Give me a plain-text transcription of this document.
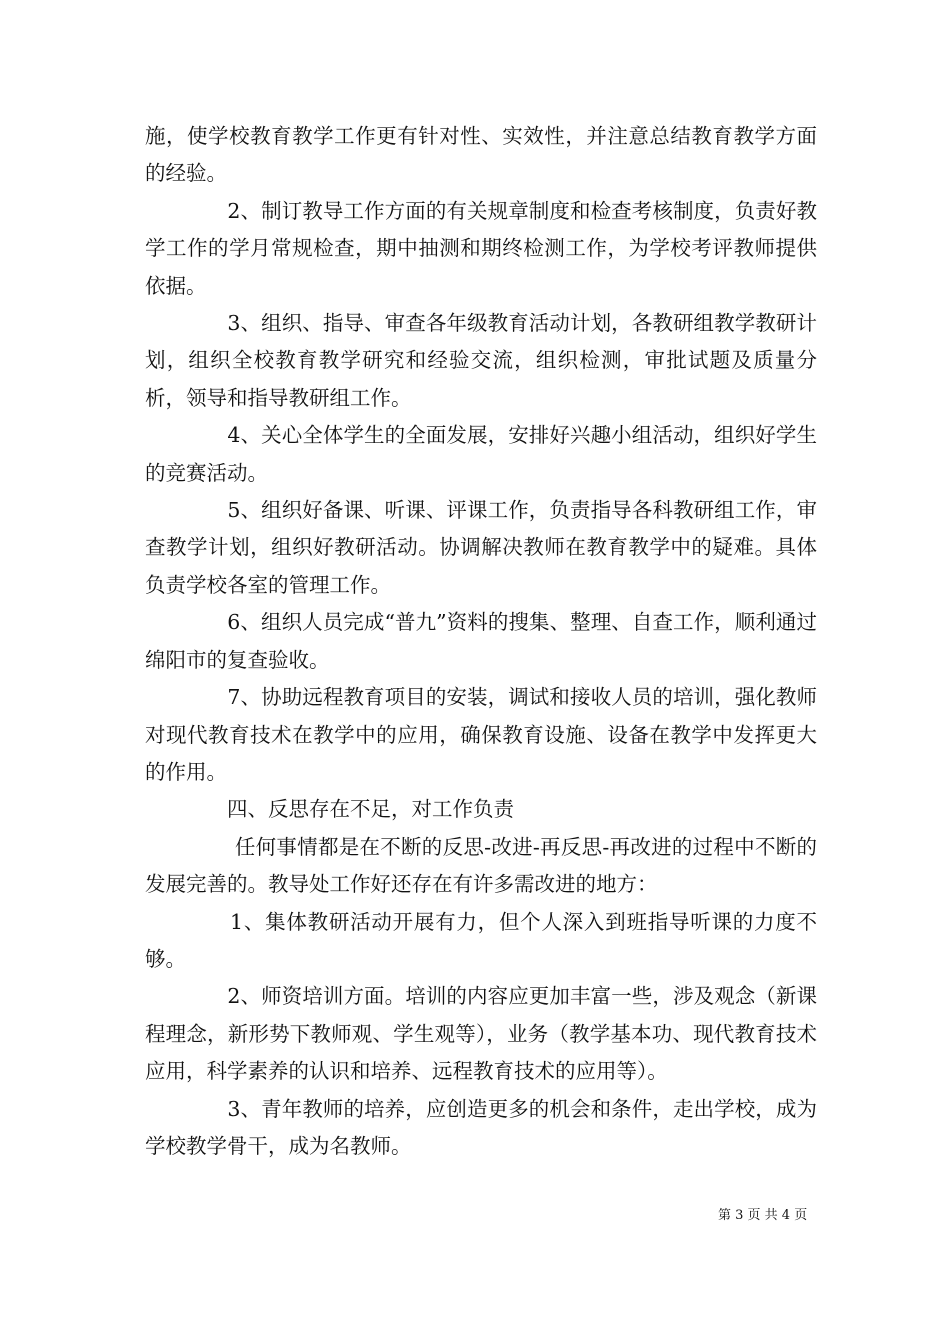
施，使学校教育教学工作更有针对性、实效性，并注意总结教育教学方面的经验。

　　　　2、制订教导工作方面的有关规章制度和检查考核制度，负责好教学工作的学月常规检查，期中抽测和期终检测工作，为学校考评教师提供依据。

　　　　3、组织、指导、审查各年级教育活动计划，各教研组教学教研计划，组织全校教育教学研究和经验交流，组织检测，审批试题及质量分析，领导和指导教研组工作。

　　　　4、关心全体学生的全面发展，安排好兴趣小组活动，组织好学生的竞赛活动。

　　　　5、组织好备课、听课、评课工作，负责指导各科教研组工作，审查教学计划，组织好教研活动。协调解决教师在教育教学中的疑难。具体负责学校各室的管理工作。

　　　　6、组织人员完成“普九”资料的搜集、整理、自查工作，顺利通过绵阳市的复查验收。

　　　　7、协助远程教育项目的安装，调试和接收人员的培训，强化教师对现代教育技术在教学中的应用，确保教育设施、设备在教学中发挥更大的作用。

　　　　四、反思存在不足，对工作负责

　　　　 任何事情都是在不断的反思-改进-再反思-再改进的过程中不断的发展完善的。教导处工作好还存在有许多需改进的地方：

　　　　1、集体教研活动开展有力，但个人深入到班指导听课的力度不够。

　　　　2、师资培训方面。培训的内容应更加丰富一些，涉及观念（新课程理念，新形势下教师观、学生观等），业务（教学基本功、现代教育技术应用，科学素养的认识和培养、远程教育技术的应用等）。

　　　　3、青年教师的培养，应创造更多的机会和条件，走出学校，成为学校教学骨干，成为名教师。

第 3 页 共 4 页
